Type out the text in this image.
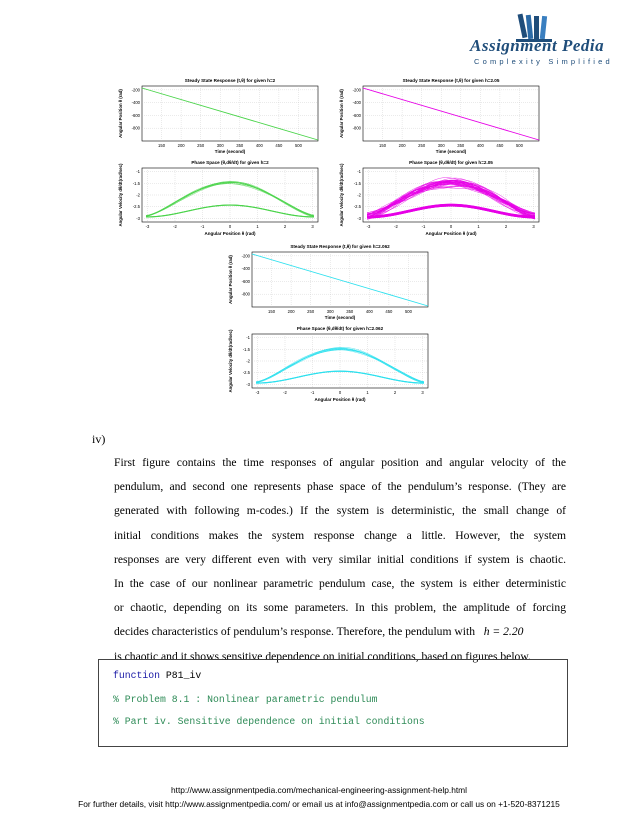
Assignment Pedia
Complexity Simplified
Steady State Response (t,θ) for given h=2
150	200	250	300	350	400	450	500
-200
-400
-600
-800
Time (second)
Angular Position θ (rad)
Phase Space (θ,dθ/dt) for given h=2
-3	-2	-1	0	1	2	3
-1
-1.5
-2
-2.5
-3
Angular Position θ (rad)
Angular Velocity dθ/dt(rad/sec)
Steady State Response (t,θ) for given h=2.05
150	200	250	300	350	400	450	500
-200
-400
-600
-800
Time (second)
Angular Position θ (rad)
Phase Space (θ,dθ/dt) for given h=2.05
-3	-2	-1	0	1	2	3
-1
-1.5
-2
-2.5
-3
Angular Position θ (rad)
Angular Velocity dθ/dt(rad/sec)
Steady State Response (t,θ) for given h=2.062
150	200	250	300	350	400	450	500
-200
-400
-600
-800
Time (second)
Angular Position θ (rad)
Phase Space (θ,dθ/dt) for given h=2.062
-3	-2	-1	0	1	2	3
-1
-1.5
-2
-2.5
-3
Angular Position θ (rad)
Angular Velocity dθ/dt(rad/sec)
iv)
First figure contains the time responses of angular position and angular velocity of the
pendulum, and second one represents phase space of the pendulum’s response. (They are
generated with following m-codes.) If the system is deterministic, the small change of
initial conditions makes the system response change a little. However, the system
responses are very different even with very similar initial conditions if system is chaotic.
In the case of our nonlinear parametric pendulum case, the system is either deterministic
or chaotic, depending on its some parameters. In this problem, the amplitude of forcing
decides characteristics of pendulum’s response. Therefore, the pendulum with h = 2.20
is chaotic and it shows sensitive dependence on initial conditions, based on figures below.
function P81_iv
% Problem 8.1 : Nonlinear parametric pendulum
% Part iv. Sensitive dependence on initial conditions
http://www.assignmentpedia.com/mechanical-engineering-assignment-help.html
For further details, visit http://www.assignmentpedia.com/ or email us at info@assignmentpedia.com or call us on +1-520-8371215
